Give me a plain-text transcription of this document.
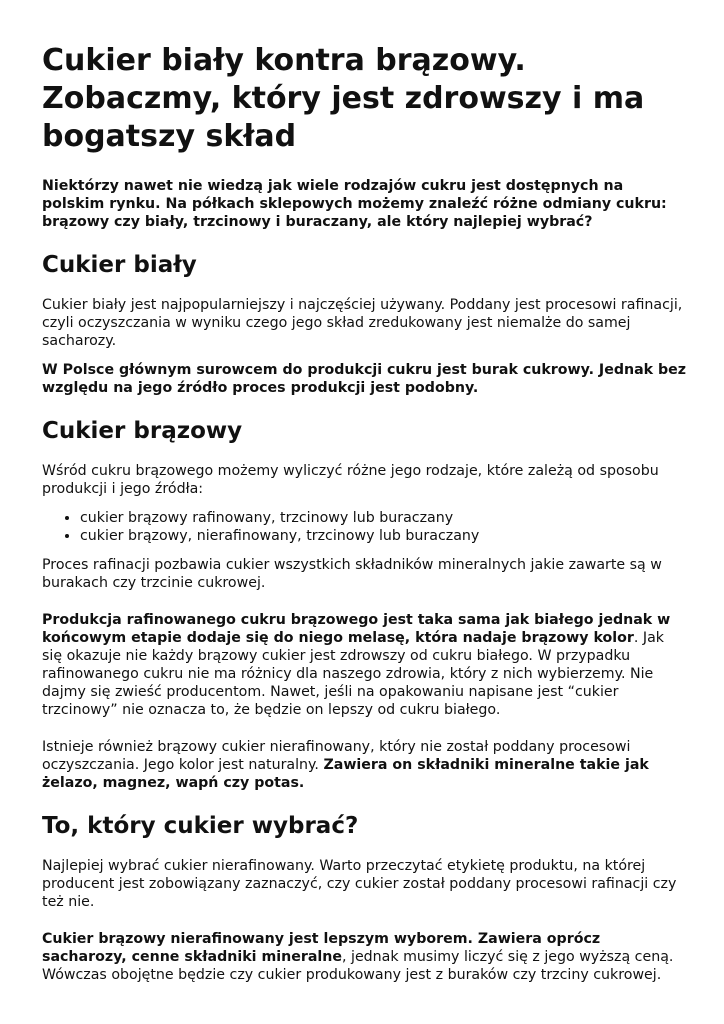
Cukier biały kontra brązowy. Zobaczmy, który jest zdrowszy i ma bogatszy skład

Niektórzy nawet nie wiedzą jak wiele rodzajów cukru jest dostępnych na polskim rynku. Na półkach sklepowych możemy znaleźć różne odmiany cukru: brązowy czy biały, trzcinowy i buraczany, ale który najlepiej wybrać?

Cukier biały

Cukier biały jest najpopularniejszy i najczęściej używany. Poddany jest procesowi rafinacji, czyli oczyszczania w wyniku czego jego skład zredukowany jest niemalże do samej sacharozy.

W Polsce głównym surowcem do produkcji cukru jest burak cukrowy. Jednak bez względu na jego źródło proces produkcji jest podobny.

Cukier brązowy

Wśród cukru brązowego możemy wyliczyć różne jego rodzaje, które zależą od sposobu produkcji i jego źródła:

• cukier brązowy rafinowany, trzcinowy lub buraczany
• cukier brązowy, nierafinowany, trzcinowy lub buraczany

Proces rafinacji pozbawia cukier wszystkich składników mineralnych jakie zawarte są w burakach czy trzcinie cukrowej.

Produkcja rafinowanego cukru brązowego jest taka sama jak białego jednak w końcowym etapie dodaje się do niego melasę, która nadaje brązowy kolor. Jak się okazuje nie każdy brązowy cukier jest zdrowszy od cukru białego. W przypadku rafinowanego cukru nie ma różnicy dla naszego zdrowia, który z nich wybierzemy. Nie dajmy się zwieść producentom. Nawet, jeśli na opakowaniu napisane jest “cukier trzcinowy” nie oznacza to, że będzie on lepszy od cukru białego.

Istnieje również brązowy cukier nierafinowany, który nie został poddany procesowi oczyszczania. Jego kolor jest naturalny. Zawiera on składniki mineralne takie jak żelazo, magnez, wapń czy potas.

To, który cukier wybrać?

Najlepiej wybrać cukier nierafinowany. Warto przeczytać etykietę produktu, na której producent jest zobowiązany zaznaczyć, czy cukier został poddany procesowi rafinacji czy też nie.

Cukier brązowy nierafinowany jest lepszym wyborem. Zawiera oprócz sacharozy, cenne składniki mineralne, jednak musimy liczyć się z jego wyższą ceną. Wówczas obojętne będzie czy cukier produkowany jest z buraków czy trzciny cukrowej.
